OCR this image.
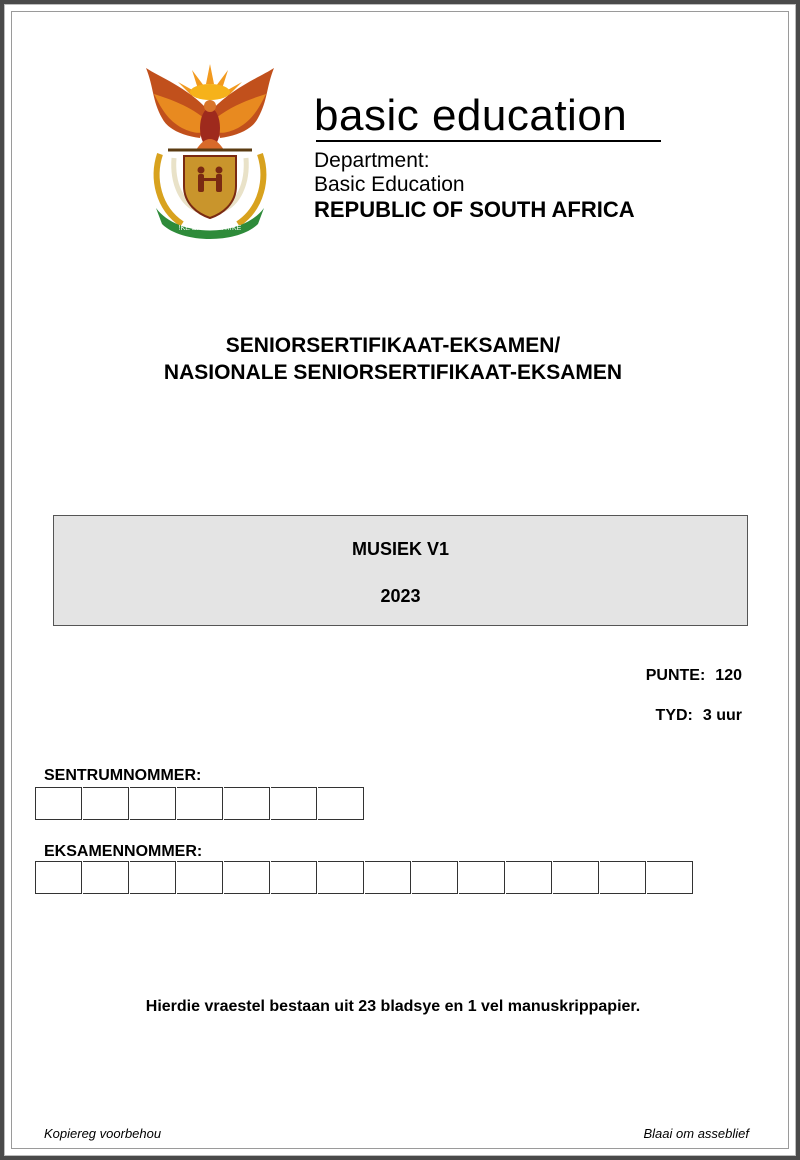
!KE E: /XARRA //KE
basic education
Department:
Basic Education
REPUBLIC OF SOUTH AFRICA
SENIORSERTIFIKAAT-EKSAMEN/
NASIONALE SENIORSERTIFIKAAT-EKSAMEN
MUSIEK V1
2023
PUNTE: 120
TYD: 3 uur
SENTRUMNOMMER:
EKSAMENNOMMER:
Hierdie vraestel bestaan uit 23 bladsye en 1 vel manuskrippapier.
Kopiereg voorbehou	Blaai om asseblief
